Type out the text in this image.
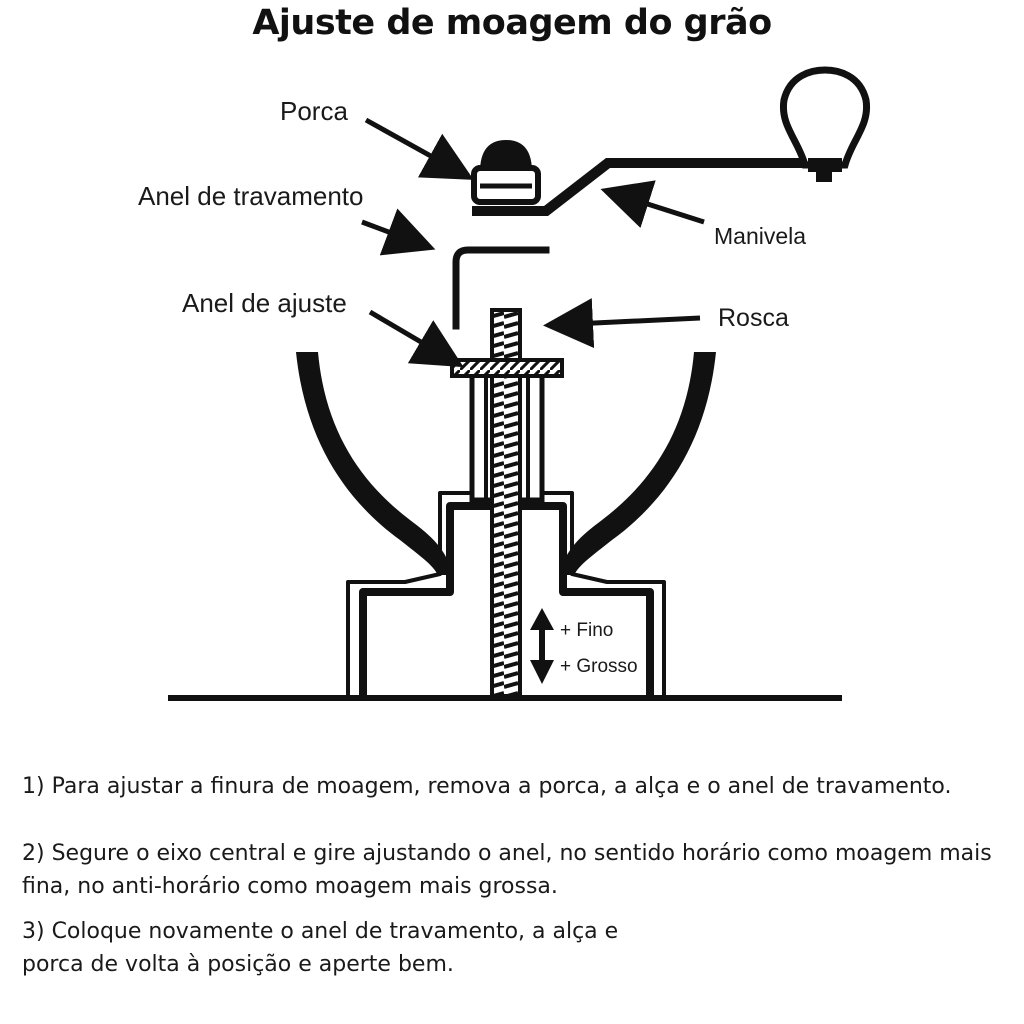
Ajuste de moagem do grão
Porca
Anel de travamento
Anel de ajuste
Manivela
Rosca
+ Fino
+ Grosso

1) Para ajustar a finura de moagem, remova a porca, a alça e o anel de travamento.

2) Segure o eixo central e gire ajustando o anel, no sentido horário como moagem mais fina, no anti-horário como moagem mais grossa.

3) Coloque novamente o anel de travamento, a alça e porca de volta à posição e aperte bem.
